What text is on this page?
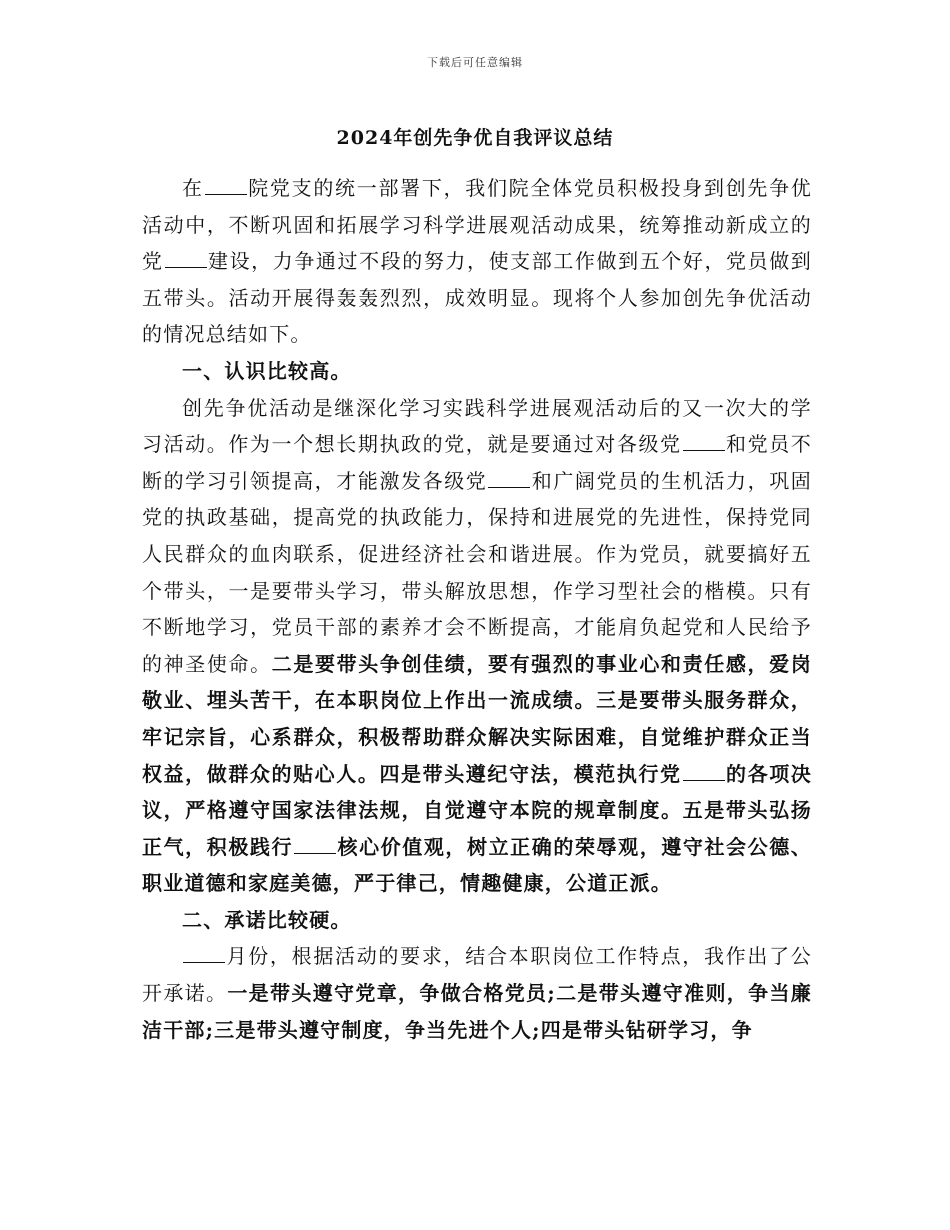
下载后可任意编辑
2024年创先争优自我评议总结

在 院党支的统一部署下，我们院全体党员积极投身到创先争优活动中，不断巩固和拓展学习科学进展观活动成果，统筹推动新成立的党 建设，力争通过不段的努力，使支部工作做到五个好，党员做到五带头。活动开展得轰轰烈烈，成效明显。现将个人参加创先争优活动的情况总结如下。

一、认识比较高。

创先争优活动是继深化学习实践科学进展观活动后的又一次大的学习活动。作为一个想长期执政的党，就是要通过对各级党 和党员不断的学习引领提高，才能激发各级党 和广阔党员的生机活力，巩固党的执政基础，提高党的执政能力，保持和进展党的先进性，保持党同人民群众的血肉联系，促进经济社会和谐进展。作为党员，就要搞好五个带头，一是要带头学习，带头解放思想，作学习型社会的楷模。只有不断地学习，党员干部的素养才会不断提高，才能肩负起党和人民给予的神圣使命。二是要带头争创佳绩，要有强烈的事业心和责任感，爱岗敬业、埋头苦干，在本职岗位上作出一流成绩。三是要带头服务群众，牢记宗旨，心系群众，积极帮助群众解决实际困难，自觉维护群众正当权益，做群众的贴心人。四是带头遵纪守法，模范执行党 的各项决议，严格遵守国家法律法规，自觉遵守本院的规章制度。五是带头弘扬正气，积极践行 核心价值观，树立正确的荣辱观，遵守社会公德、职业道德和家庭美德，严于律己，情趣健康，公道正派。

二、承诺比较硬。

月份，根据活动的要求，结合本职岗位工作特点，我作出了公开承诺。一是带头遵守党章，争做合格党员;二是带头遵守准则，争当廉洁干部;三是带头遵守制度，争当先进个人;四是带头钻研学习，争
